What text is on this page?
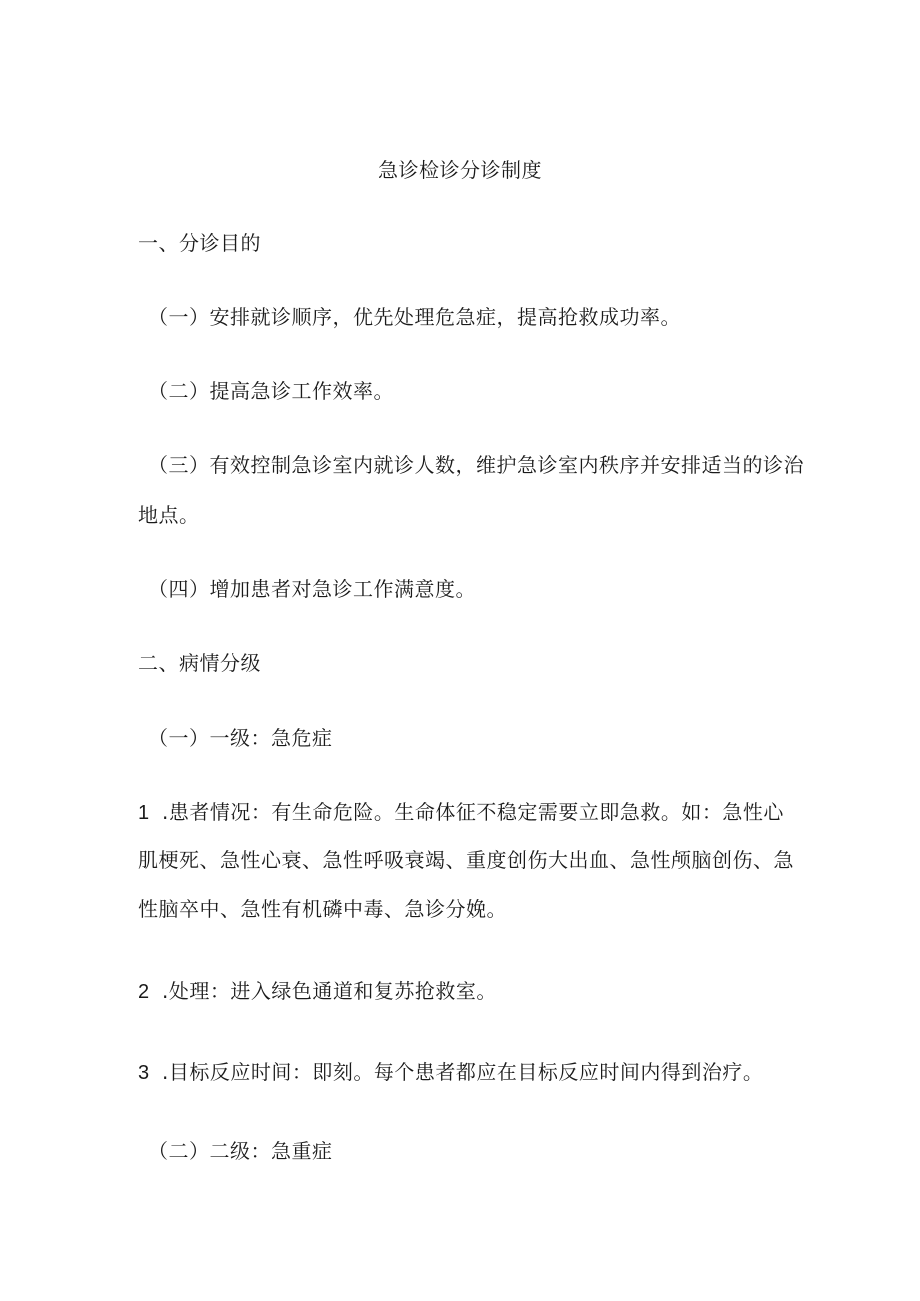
急诊检诊分诊制度
一、分诊目的
（一）安排就诊顺序，优先处理危急症，提高抢救成功率。
（二）提高急诊工作效率。
（三）有效控制急诊室内就诊人数，维护急诊室内秩序并安排适当的诊治
地点。
（四）增加患者对急诊工作满意度。
二、病情分级
（一）一级：急危症
1 .患者情况：有生命危险。生命体征不稳定需要立即急救。如：急性心
肌梗死、急性心衰、急性呼吸衰竭、重度创伤大出血、急性颅脑创伤、急
性脑卒中、急性有机磷中毒、急诊分娩。
2 .处理：进入绿色通道和复苏抢救室。
3 .目标反应时间：即刻。每个患者都应在目标反应时间内得到治疗。
（二）二级：急重症
